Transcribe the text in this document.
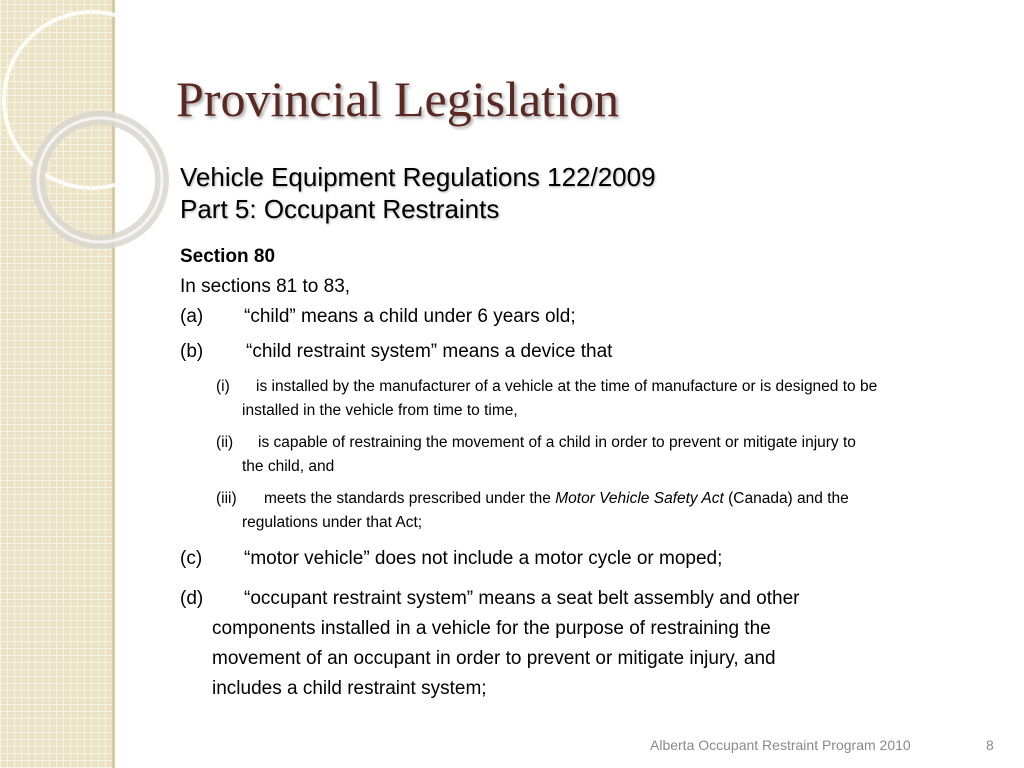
Provincial Legislation
Vehicle Equipment Regulations 122/2009
Part 5: Occupant Restraints
Section 80
In sections 81 to 83,
(a) “child” means a child under 6 years old;
(b) “child restraint system” means a device that
(i) is installed by the manufacturer of a vehicle at the time of manufacture or is designed to be
installed in the vehicle from time to time,
(ii) is capable of restraining the movement of a child in order to prevent or mitigate injury to
the child, and
(iii) meets the standards prescribed under the Motor Vehicle Safety Act (Canada) and the
regulations under that Act;
(c) “motor vehicle” does not include a motor cycle or moped;
(d) “occupant restraint system” means a seat belt assembly and other
components installed in a vehicle for the purpose of restraining the
movement of an occupant in order to prevent or mitigate injury, and
includes a child restraint system;
Alberta Occupant Restraint Program 2010	8
